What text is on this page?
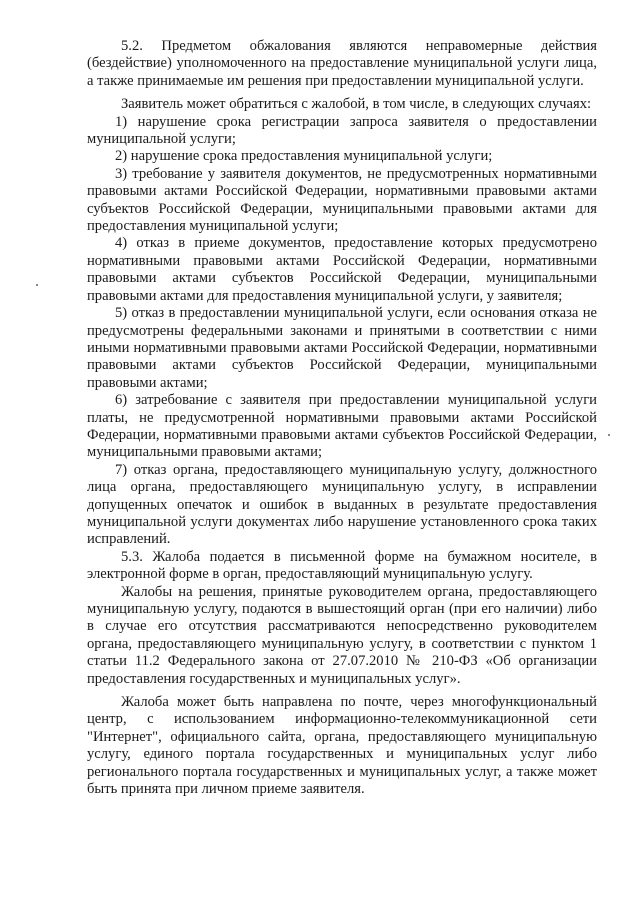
5.2. Предметом обжалования являются неправомерные действия (бездействие) уполномоченного на предоставление муниципальной услуги лица, а также принимаемые им решения при предоставлении муниципальной услуги.

Заявитель может обратиться с жалобой, в том числе, в следующих случаях:

1) нарушение срока регистрации запроса заявителя о предоставлении муниципальной услуги;

2) нарушение срока предоставления муниципальной услуги;

3) требование у заявителя документов, не предусмотренных нормативными правовыми актами Российской Федерации, нормативными правовыми актами субъектов Российской Федерации, муниципальными правовыми актами для предоставления муниципальной услуги;

4) отказ в приеме документов, предоставление которых предусмотрено нормативными правовыми актами Российской Федерации, нормативными правовыми актами субъектов Российской Федерации, муниципальными правовыми актами для предоставления муниципальной услуги, у заявителя;

5) отказ в предоставлении муниципальной услуги, если основания отказа не предусмотрены федеральными законами и принятыми в соответствии с ними иными нормативными правовыми актами Российской Федерации, нормативными правовыми актами субъектов Российской Федерации, муниципальными правовыми актами;

6) затребование с заявителя при предоставлении муниципальной услуги платы, не предусмотренной нормативными правовыми актами Российской Федерации, нормативными правовыми актами субъектов Российской Федерации, муниципальными правовыми актами;

7) отказ органа, предоставляющего муниципальную услугу, должностного лица органа, предоставляющего муниципальную услугу, в исправлении допущенных опечаток и ошибок в выданных в результате предоставления муниципальной услуги документах либо нарушение установленного срока таких исправлений.

5.3. Жалоба подается в письменной форме на бумажном носителе, в электронной форме в орган, предоставляющий муниципальную услугу.

Жалобы на решения, принятые руководителем органа, предоставляющего муниципальную услугу, подаются в вышестоящий орган (при его наличии) либо в случае его отсутствия рассматриваются непосредственно руководителем органа, предоставляющего муниципальную услугу, в соответствии с пунктом 1 статьи 11.2 Федерального закона от 27.07.2010 № 210-ФЗ «Об организации предоставления государственных и муниципальных услуг».

Жалоба может быть направлена по почте, через многофункциональный центр, с использованием информационно-телекоммуникационной сети "Интернет", официального сайта, органа, предоставляющего муниципальную услугу, единого портала государственных и муниципальных услуг либо регионального портала государственных и муниципальных услуг, а также может быть принята при личном приеме заявителя.
